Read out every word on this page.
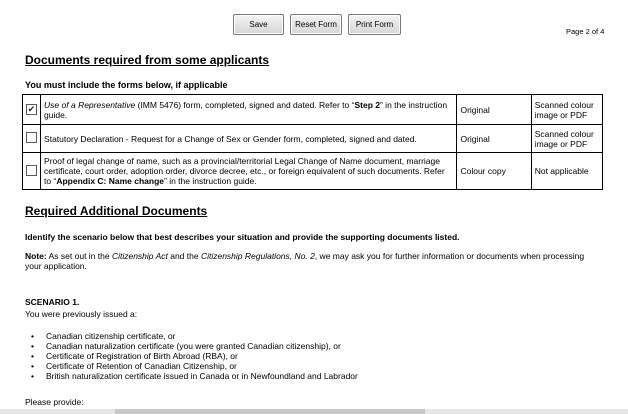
Save	Reset Form	Print Form
Page 2 of 4
Documents required from some applicants
You must include the forms below, if applicable
✔	Use of a Representative (IMM 5476) form, completed, signed and dated. Refer to “Step 2” in the instruction guide.	Original	Scanned colour image or PDF
	Statutory Declaration - Request for a Change of Sex or Gender form, completed, signed and dated.	Original	Scanned colour image or PDF
	Proof of legal change of name, such as a provincial/territorial Legal Change of Name document, marriage certificate, court order, adoption order, divorce decree, etc., or foreign equivalent of such documents. Refer to “Appendix C: Name change” in the instruction guide.	Colour copy	Not applicable
Required Additional Documents
Identify the scenario below that best describes your situation and provide the supporting documents listed.
Note: As set out in the Citizenship Act and the Citizenship Regulations, No. 2, we may ask you for further information or documents when processing your application.
SCENARIO 1.
You were previously issued a:
• Canadian citizenship certificate, or
• Canadian naturalization certificate (you were granted Canadian citizenship), or
• Certificate of Registration of Birth Abroad (RBA), or
• Certificate of Retention of Canadian Citizenship, or
• British naturalization certificate issued in Canada or in Newfoundland and Labrador
Please provide:
